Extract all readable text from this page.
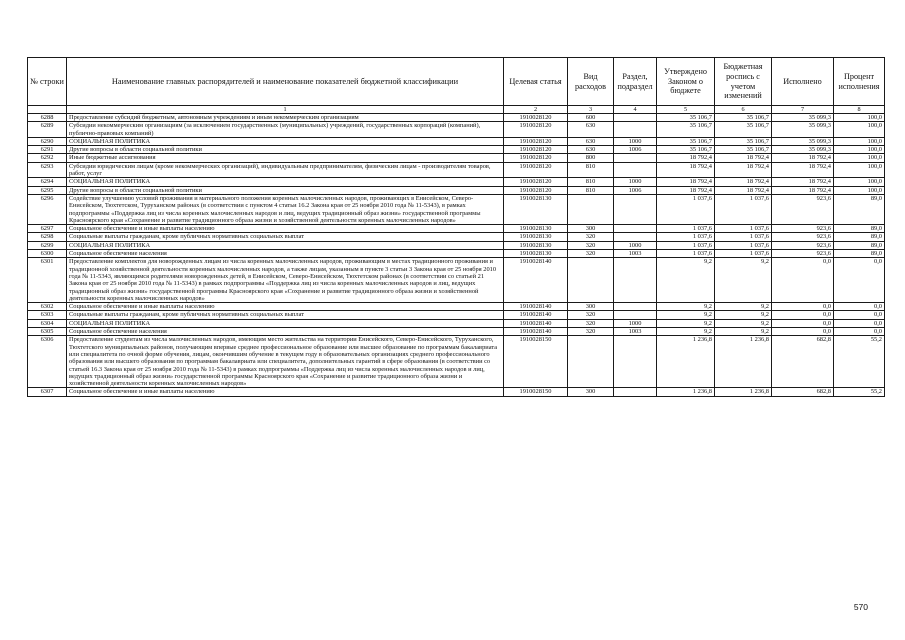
№ строки	Наименование главных распорядителей и наименование показателей бюджетной классификации	Целевая статья	Вид расходов	Раздел, подраздел	Утверждено Законом о бюджете	Бюджетная роспись с учетом изменений	Исполнено	Процент исполнения
	1	2	3	4	5	6	7	8
6288	Предоставление субсидий бюджетным, автономным учреждениям и иным некоммерческим организациям	1910028120	600		35 106,7	35 106,7	35 099,3	100,0
6289	Субсидии некоммерческим организациям (за исключением государственных (муниципальных) учреждений, государственных корпораций (компаний), публично-правовых компаний)	1910028120	630		35 106,7	35 106,7	35 099,3	100,0
6290	СОЦИАЛЬНАЯ ПОЛИТИКА	1910028120	630	1000	35 106,7	35 106,7	35 099,3	100,0
6291	Другие вопросы в области социальной политики	1910028120	630	1006	35 106,7	35 106,7	35 099,3	100,0
6292	Иные бюджетные ассигнования	1910028120	800		18 792,4	18 792,4	18 792,4	100,0
6293	Субсидии юридическим лицам (кроме некоммерческих организаций), индивидуальным предпринимателям, физическим лицам - производителям товаров, работ, услуг	1910028120	810		18 792,4	18 792,4	18 792,4	100,0
6294	СОЦИАЛЬНАЯ ПОЛИТИКА	1910028120	810	1000	18 792,4	18 792,4	18 792,4	100,0
6295	Другие вопросы в области социальной политики	1910028120	810	1006	18 792,4	18 792,4	18 792,4	100,0
6296	Содействие улучшению условий проживания и материального положения коренных малочисленных народов, проживающих в Енисейском, Северо-Енисейском, Тюхтетском, Туруханском районах (в соответствии с пунктом 4 статьи 16.2 Закона края от 25 ноября 2010 года № 11-5343), в рамках подпрограммы «Поддержка лиц из числа коренных малочисленных народов и лиц, ведущих традиционный образ жизни» государственной программы Красноярского края «Сохранение и развитие традиционного образа жизни и хозяйственной деятельности коренных малочисленных народов»	1910028130			1 037,6	1 037,6	923,6	89,0
6297	Социальное обеспечение и иные выплаты населению	1910028130	300		1 037,6	1 037,6	923,6	89,0
6298	Социальные выплаты гражданам, кроме публичных нормативных социальных выплат	1910028130	320		1 037,6	1 037,6	923,6	89,0
6299	СОЦИАЛЬНАЯ ПОЛИТИКА	1910028130	320	1000	1 037,6	1 037,6	923,6	89,0
6300	Социальное обеспечение населения	1910028130	320	1003	1 037,6	1 037,6	923,6	89,0
6301	Предоставление комплектов для новорожденных лицам из числа коренных малочисленных народов, проживающим в местах традиционного проживания и традиционной хозяйственной деятельности коренных малочисленных народов, а также лицам, указанным в пункте 3 статьи 3 Закона края от 25 ноября 2010 года № 11-5343, являющимся родителями новорожденных детей, в Енисейском, Северо-Енисейском, Тюхтетском районах (в соответствии со статьей 21 Закона края от 25 ноября 2010 года № 11-5343) в рамках подпрограммы «Поддержка лиц из числа коренных малочисленных народов и лиц, ведущих традиционный образ жизни» государственной программы Красноярского края «Сохранение и развитие традиционного образа жизни и хозяйственной деятельности коренных малочисленных народов»	1910028140			9,2	9,2	0,0	0,0
6302	Социальное обеспечение и иные выплаты населению	1910028140	300		9,2	9,2	0,0	0,0
6303	Социальные выплаты гражданам, кроме публичных нормативных социальных выплат	1910028140	320		9,2	9,2	0,0	0,0
6304	СОЦИАЛЬНАЯ ПОЛИТИКА	1910028140	320	1000	9,2	9,2	0,0	0,0
6305	Социальное обеспечение населения	1910028140	320	1003	9,2	9,2	0,0	0,0
6306	Предоставление студентам из числа малочисленных народов, имеющим место жительства на территории Енисейского, Северо-Енисейского, Туруханского, Тюхтетского муниципальных районов, получающим впервые среднее профессиональное образование или высшее образование по программам бакалавриата или специалитета по очной форме обучения, лицам, окончившим обучение в текущем году в образовательных организациях среднего профессионального образования или высшего образования по программам бакалавриата или специалитета, дополнительных гарантий в сфере образования (в соответствии со статьей 16.3 Закона края от 25 ноября 2010 года № 11-5343) в рамках подпрограммы «Поддержка лиц из числа коренных малочисленных народов и лиц, ведущих традиционный образ жизни» государственной программы Красноярского края «Сохранение и развитие традиционного образа жизни и хозяйственной деятельности коренных малочисленных народов»	1910028150			1 236,8	1 236,8	682,8	55,2
6307	Социальное обеспечение и иные выплаты населению	1910028150	300		1 236,8	1 236,8	682,8	55,2
570
